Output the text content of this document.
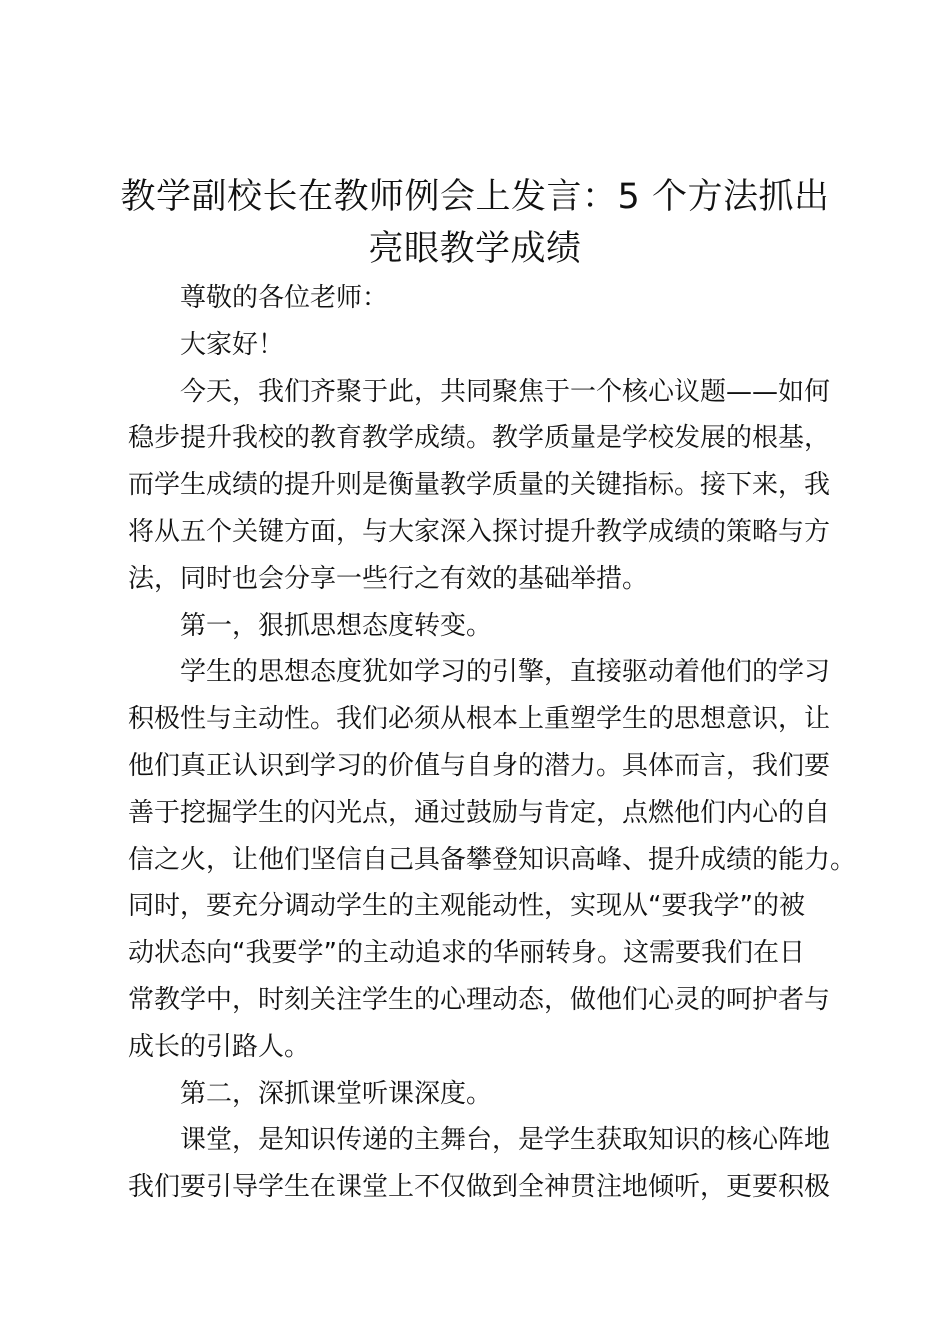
教学副校长在教师例会上发言：5 个方法抓出
亮眼教学成绩
尊敬的各位老师：
大家好！
今天，我们齐聚于此，共同聚焦于一个核心议题——如何
稳步提升我校的教育教学成绩。教学质量是学校发展的根基，
而学生成绩的提升则是衡量教学质量的关键指标。接下来，我
将从五个关键方面，与大家深入探讨提升教学成绩的策略与方
法，同时也会分享一些行之有效的基础举措。
第一，狠抓思想态度转变。
学生的思想态度犹如学习的引擎，直接驱动着他们的学习
积极性与主动性。我们必须从根本上重塑学生的思想意识，让
他们真正认识到学习的价值与自身的潜力。具体而言，我们要
善于挖掘学生的闪光点，通过鼓励与肯定，点燃他们内心的自
信之火，让他们坚信自己具备攀登知识高峰、提升成绩的能力。
同时，要充分调动学生的主观能动性，实现从“要我学”的被
动状态向“我要学”的主动追求的华丽转身。这需要我们在日
常教学中，时刻关注学生的心理动态，做他们心灵的呵护者与
成长的引路人。
第二，深抓课堂听课深度。
课堂，是知识传递的主舞台，是学生获取知识的核心阵地
我们要引导学生在课堂上不仅做到全神贯注地倾听，更要积极
